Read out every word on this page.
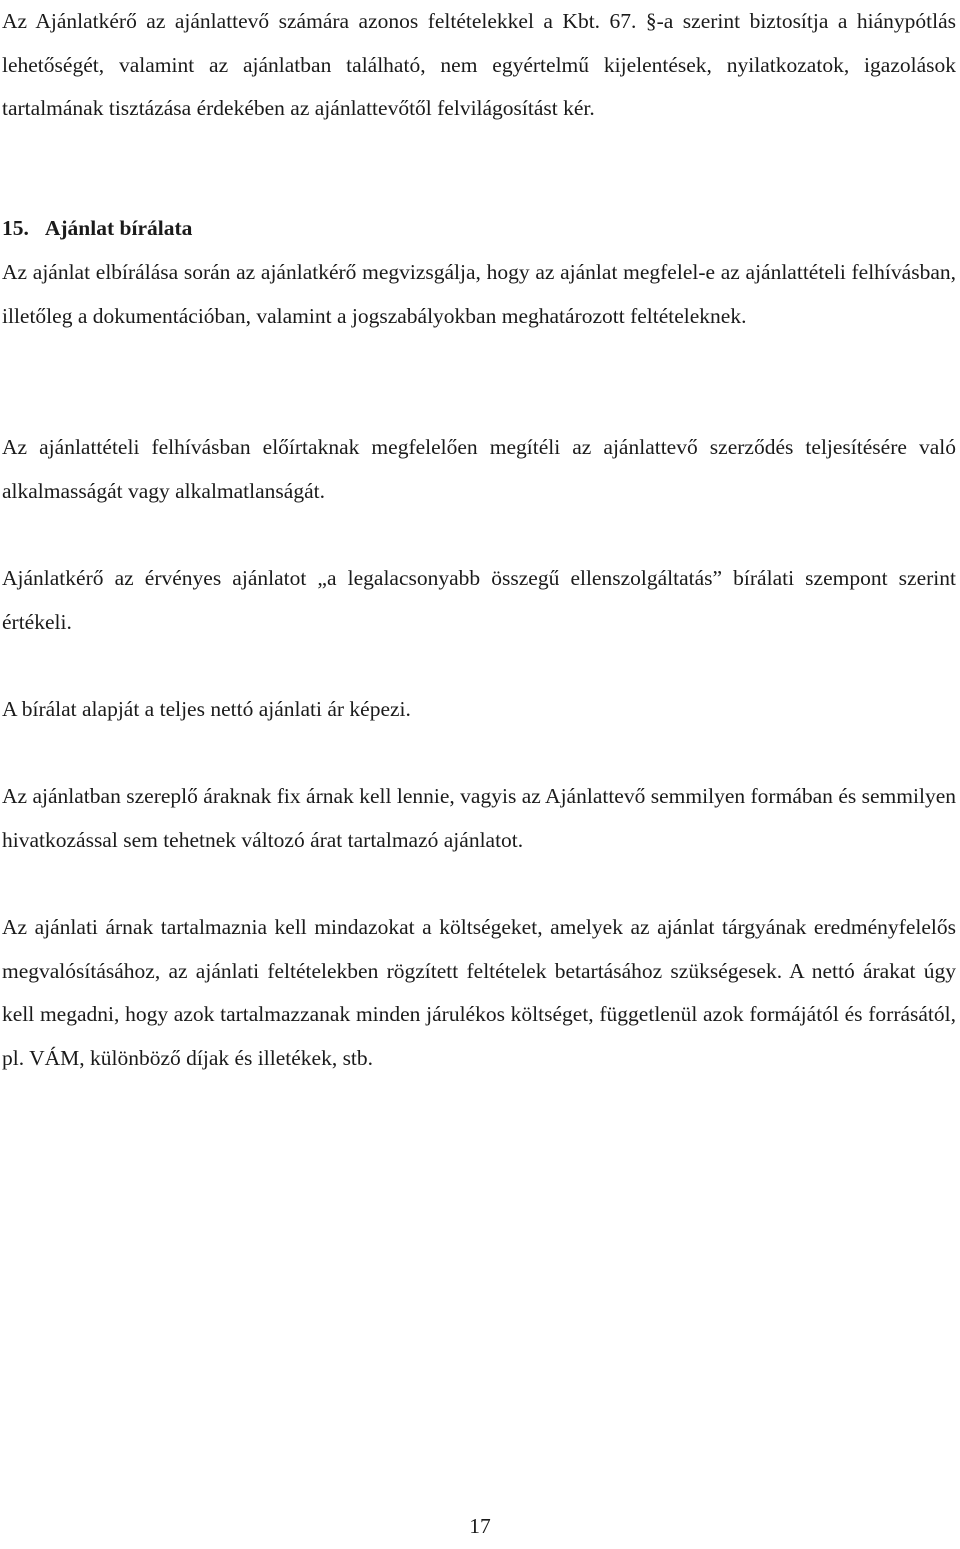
Az Ajánlatkérő az ajánlattevő számára azonos feltételekkel a Kbt. 67. §-a szerint biztosítja a hiánypótlás lehetőségét, valamint az ajánlatban található, nem egyértelmű kijelentések, nyilatkozatok, igazolások tartalmának tisztázása érdekében az ajánlattevőtől felvilágosítást kér.

15. Ajánlat bírálata

Az ajánlat elbírálása során az ajánlatkérő megvizsgálja, hogy az ajánlat megfelel-e az ajánlattételi felhívásban, illetőleg a dokumentációban, valamint a jogszabályokban meghatározott feltételeknek.

Az ajánlattételi felhívásban előírtaknak megfelelően megítéli az ajánlattevő szerződés teljesítésére való alkalmasságát vagy alkalmatlanságát.

Ajánlatkérő az érvényes ajánlatot „a legalacsonyabb összegű ellenszolgáltatás” bírálati szempont szerint értékeli.

A bírálat alapját a teljes nettó ajánlati ár képezi.

Az ajánlatban szereplő áraknak fix árnak kell lennie, vagyis az Ajánlattevő semmilyen formában és semmilyen hivatkozással sem tehetnek változó árat tartalmazó ajánlatot.

Az ajánlati árnak tartalmaznia kell mindazokat a költségeket, amelyek az ajánlat tárgyának eredményfelelős megvalósításához, az ajánlati feltételekben rögzített feltételek betartásához szükségesek. A nettó árakat úgy kell megadni, hogy azok tartalmazzanak minden járulékos költséget, függetlenül azok formájától és forrásától, pl. VÁM, különböző díjak és illetékek, stb.

17
